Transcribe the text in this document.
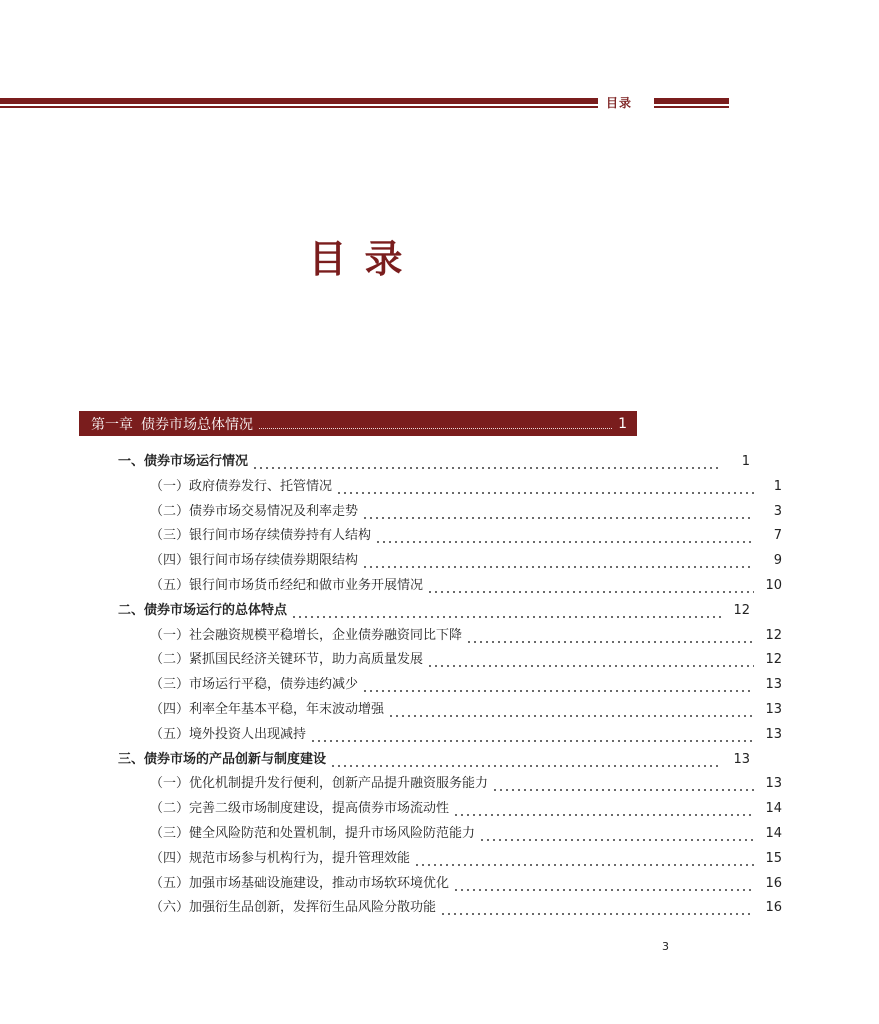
目录
目录
第一章 债券市场总体情况	1
一、债券市场运行情况	1
（一）政府债券发行、托管情况	1
（二）债券市场交易情况及利率走势	3
（三）银行间市场存续债券持有人结构	7
（四）银行间市场存续债券期限结构	9
（五）银行间市场货币经纪和做市业务开展情况	10
二、债券市场运行的总体特点	12
（一）社会融资规模平稳增长，企业债券融资同比下降	12
（二）紧抓国民经济关键环节，助力高质量发展	12
（三）市场运行平稳，债券违约减少	13
（四）利率全年基本平稳，年末波动增强	13
（五）境外投资人出现减持	13
三、债券市场的产品创新与制度建设	13
（一）优化机制提升发行便利，创新产品提升融资服务能力	13
（二）完善二级市场制度建设，提高债券市场流动性	14
（三）健全风险防范和处置机制，提升市场风险防范能力	14
（四）规范市场参与机构行为，提升管理效能	15
（五）加强市场基础设施建设，推动市场软环境优化	16
（六）加强衍生品创新，发挥衍生品风险分散功能	16
3
